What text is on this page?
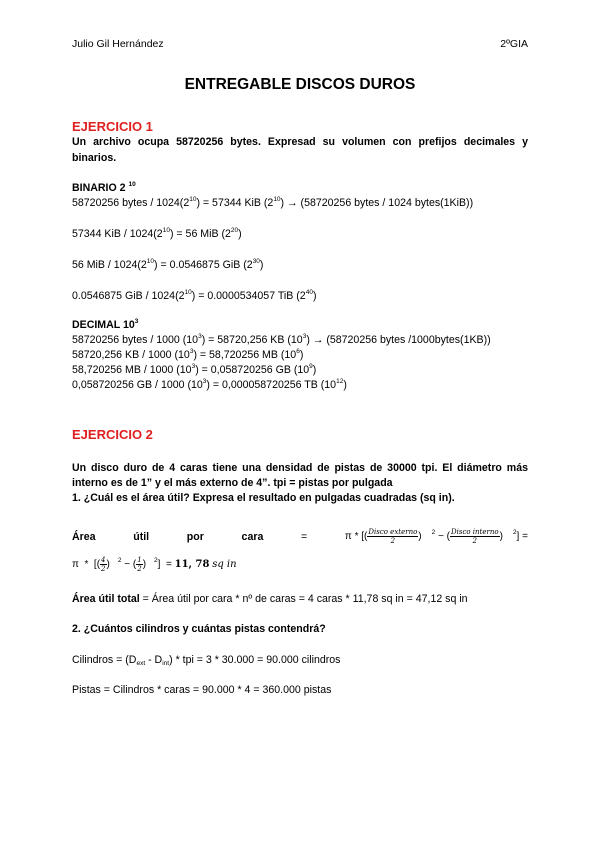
Julio Gil Hernández	2ºGIA
ENTREGABLE DISCOS DUROS
EJERCICIO 1
Un archivo ocupa 58720256 bytes. Expresad su volumen con prefijos decimales y
binarios.
BINARIO 2 $^{10}$
58720256 bytes / $1024(2^{10}) = 57344$ KiB $(2^{10}) \to (58720256$ bytes / 1024 bytes(1KiB))
57344 KiB / $1024(2^{10}) = 56$ MiB $(2^{20})$
56 MiB / $1024(2^{10}) = 0.0546875$ GiB $(2^{30})$
0.0546875 GiB / $1024(2^{10}) = 0.0000534057$ TiB $(2^{40})$
DECIMAL $10^3$
58720256 bytes / 1000 $(10^3) = 58720,256$ KB $(10^3) \to (58720256$ bytes /1000bytes(1KB))
58720,256 KB / 1000 $(10^3) = 58,720256$ MB $(10^6)$
58,720256 MB / 1000 $(10^3) = 0,058720256$ GB $(10^9)$
0,058720256 GB / 1000 $(10^3) = 0,000058720256$ TB $(10^{12})$
EJERCICIO 2
Un disco duro de 4 caras tiene una densidad de pistas de 30000 tpi. El diámetro más
interno es de 1” y el más externo de 4”. tpi = pistas por pulgada
1. ¿Cuál es el área útil? Expresa el resultado en pulgadas cuadradas (sq in).
Área	útil	por	cara	=	π * [( $\frac{\text{Disco externo}}{2}$ ) $^2$ − ( $\frac{\text{Disco interno}}{2}$ ) $^2$] =
π *  [( $\frac{4}{2}$ ) $^2$ − ( $\frac{1}{2}$ ) $^2$]  = 11, 78 sq in
Área útil total = Área útil por cara * nº de caras = 4 caras * 11,78 sq in = 47,12 sq in
2. ¿Cuántos cilindros y cuántas pistas contendrá?
Cilindros = $(D_{ext} - D_{int})$ * tpi = 3 * 30.000 = 90.000 cilindros
Pistas = Cilindros * caras = 90.000 * 4 = 360.000 pistas
